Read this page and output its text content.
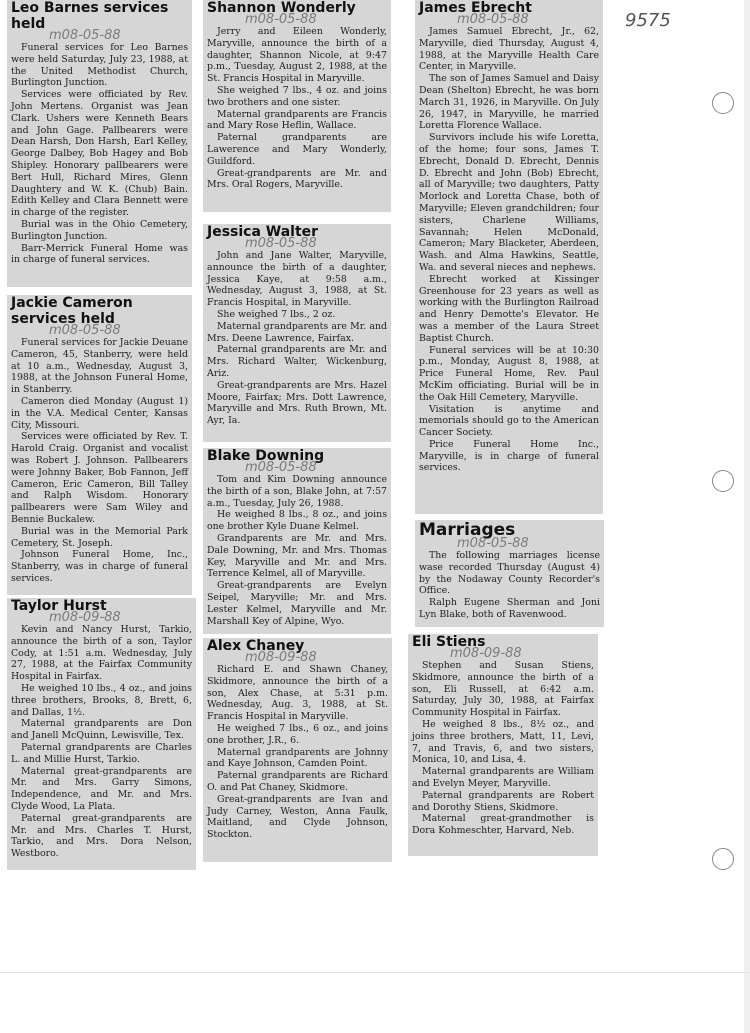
9575
Leo Barnes services held
m08-05-88

Funeral services for Leo Barnes were held Saturday, July 23, 1988, at the United Methodist Church, Burlington Junction.

Services were officiated by Rev. John Mertens. Organist was Jean Clark. Ushers were Kenneth Bears and John Gage. Pallbearers were Dean Harsh, Don Harsh, Earl Kelley, George Dalbey, Bob Hagey and Bob Shipley. Honorary pallbearers were Bert Hull, Richard Mires, Glenn Daughtery and W. K. (Chub) Bain. Edith Kelley and Clara Bennett were in charge of the register.

Burial was in the Ohio Cemetery, Burlington Junction.

Barr-Merrick Funeral Home was in charge of funeral services.

Jackie Cameron services held
m08-05-88

Funeral services for Jackie Deuane Cameron, 45, Stanberry, were held at 10 a.m., Wednesday, August 3, 1988, at the Johnson Funeral Home, in Stanberry.

Cameron died Monday (August 1) in the V.A. Medical Center, Kansas City, Missouri.

Services were officiated by Rev. T. Harold Craig. Organist and vocalist was Robert J. Johnson. Pallbearers were Johnny Baker, Bob Fannon, Jeff Cameron, Eric Cameron, Bill Talley and Ralph Wisdom. Honorary pallbearers were Sam Wiley and Bennie Buckalew.

Burial was in the Memorial Park Cemetery, St. Joseph.

Johnson Funeral Home, Inc., Stanberry, was in charge of funeral services.

Taylor Hurst
m08-09-88

Kevin and Nancy Hurst, Tarkio, announce the birth of a son, Taylor Cody, at 1:51 a.m. Wednesday, July 27, 1988, at the Fairfax Community Hospital in Fairfax.

He weighed 10 lbs., 4 oz., and joins three brothers, Brooks, 8, Brett, 6, and Dallas, 1½.

Maternal grandparents are Don and Janell McQuinn, Lewisville, Tex.

Paternal grandparents are Charles L. and Millie Hurst, Tarkio.

Maternal great-grandparents are Mr. and Mrs. Garry Simons, Independence, and Mr. and Mrs. Clyde Wood, La Plata.

Paternal great-grandparents are Mr. and Mrs. Charles T. Hurst, Tarkio, and Mrs. Dora Nelson, Westboro.

Shannon Wonderly
m08-05-88

Jerry and Eileen Wonderly, Maryville, announce the birth of a daughter, Shannon Nicole, at 9:47 p.m., Tuesday, August 2, 1988, at the St. Francis Hospital in Maryville.

She weighed 7 lbs., 4 oz. and joins two brothers and one sister.

Maternal grandparents are Francis and Mary Rose Heflin, Wallace.

Paternal grandparents are Lawerence and Mary Wonderly, Guildford.

Great-grandparents are Mr. and Mrs. Oral Rogers, Maryville.

Jessica Walter
m08-05-88

John and Jane Walter, Maryville, announce the birth of a daughter, Jessica Kaye, at 9:58 a.m., Wednesday, August 3, 1988, at St. Francis Hospital, in Maryville.

She weighed 7 lbs., 2 oz.

Maternal grandparents are Mr. and Mrs. Deene Lawrence, Fairfax.

Paternal grandparents are Mr. and Mrs. Richard Walter, Wickenburg, Ariz.

Great-grandparents are Mrs. Hazel Moore, Fairfax; Mrs. Dott Lawrence, Maryville and Mrs. Ruth Brown, Mt. Ayr, Ia.

Blake Downing
m08-05-88

Tom and Kim Downing announce the birth of a son, Blake John, at 7:57 a.m., Tuesday, July 26, 1988.

He weighed 8 lbs., 8 oz., and joins one brother Kyle Duane Kelmel.

Grandparents are Mr. and Mrs. Dale Downing, Mr. and Mrs. Thomas Key, Maryville and Mr. and Mrs. Terrence Kelmel, all of Maryville.

Great-grandparents are Evelyn Seipel, Maryville; Mr. and Mrs. Lester Kelmel, Maryville and Mr. Marshall Key of Alpine, Wyo.

Alex Chaney
m08-09-88

Richard E. and Shawn Chaney, Skidmore, announce the birth of a son, Alex Chase, at 5:31 p.m. Wednesday, Aug. 3, 1988, at St. Francis Hospital in Maryville.

He weighed 7 lbs., 6 oz., and joins one brother, J.R., 6.

Maternal grandparents are Johnny and Kaye Johnson, Camden Point.

Paternal grandparents are Richard O. and Pat Chaney, Skidmore.

Great-grandparents are Ivan and Judy Carney, Weston, Anna Faulk, Maitland, and Clyde Johnson, Stockton.

James Ebrecht
m08-05-88

James Samuel Ebrecht, Jr., 62, Maryville, died Thursday, August 4, 1988, at the Maryville Health Care Center, in Maryville.

The son of James Samuel and Daisy Dean (Shelton) Ebrecht, he was born March 31, 1926, in Maryville. On July 26, 1947, in Maryville, he married Loretta Florence Wallace.

Survivors include his wife Loretta, of the home; four sons, James T. Ebrecht, Donald D. Ebrecht, Dennis D. Ebrecht and John (Bob) Ebrecht, all of Maryville; two daughters, Patty Morlock and Loretta Chase, both of Maryville; Eleven grandchildren; four sisters, Charlene Williams, Savannah; Helen McDonald, Cameron; Mary Blacketer, Aberdeen, Wash. and Alma Hawkins, Seattle, Wa. and several nieces and nephews.

Ebrecht worked at Kissinger Greenhouse for 23 years as well as working with the Burlington Railroad and Henry Demotte's Elevator. He was a member of the Laura Street Baptist Church.

Funeral services will be at 10:30 p.m., Monday, August 8, 1988, at Price Funeral Home, Rev. Paul McKim officiating. Burial will be in the Oak Hill Cemetery, Maryville.

Visitation is anytime and memorials should go to the American Cancer Society.

Price Funeral Home Inc., Maryville, is in charge of funeral services.

Marriages
m08-05-88

The following marriages license wase recorded Thursday (August 4) by the Nodaway County Recorder's Office.

Ralph Eugene Sherman and Joni Lyn Blake, both of Ravenwood.

Eli Stiens
m08-09-88

Stephen and Susan Stiens, Skidmore, announce the birth of a son, Eli Russell, at 6:42 a.m. Saturday, July 30, 1988, at Fairfax Community Hospital in Fairfax.

He weighed 8 lbs., 8½ oz., and joins three brothers, Matt, 11, Levi, 7, and Travis, 6, and two sisters, Monica, 10, and Lisa, 4.

Maternal grandparents are William and Evelyn Meyer, Maryville.

Paternal grandparents are Robert and Dorothy Stiens, Skidmore.

Maternal great-grandmother is Dora Kohmeschter, Harvard, Neb.
